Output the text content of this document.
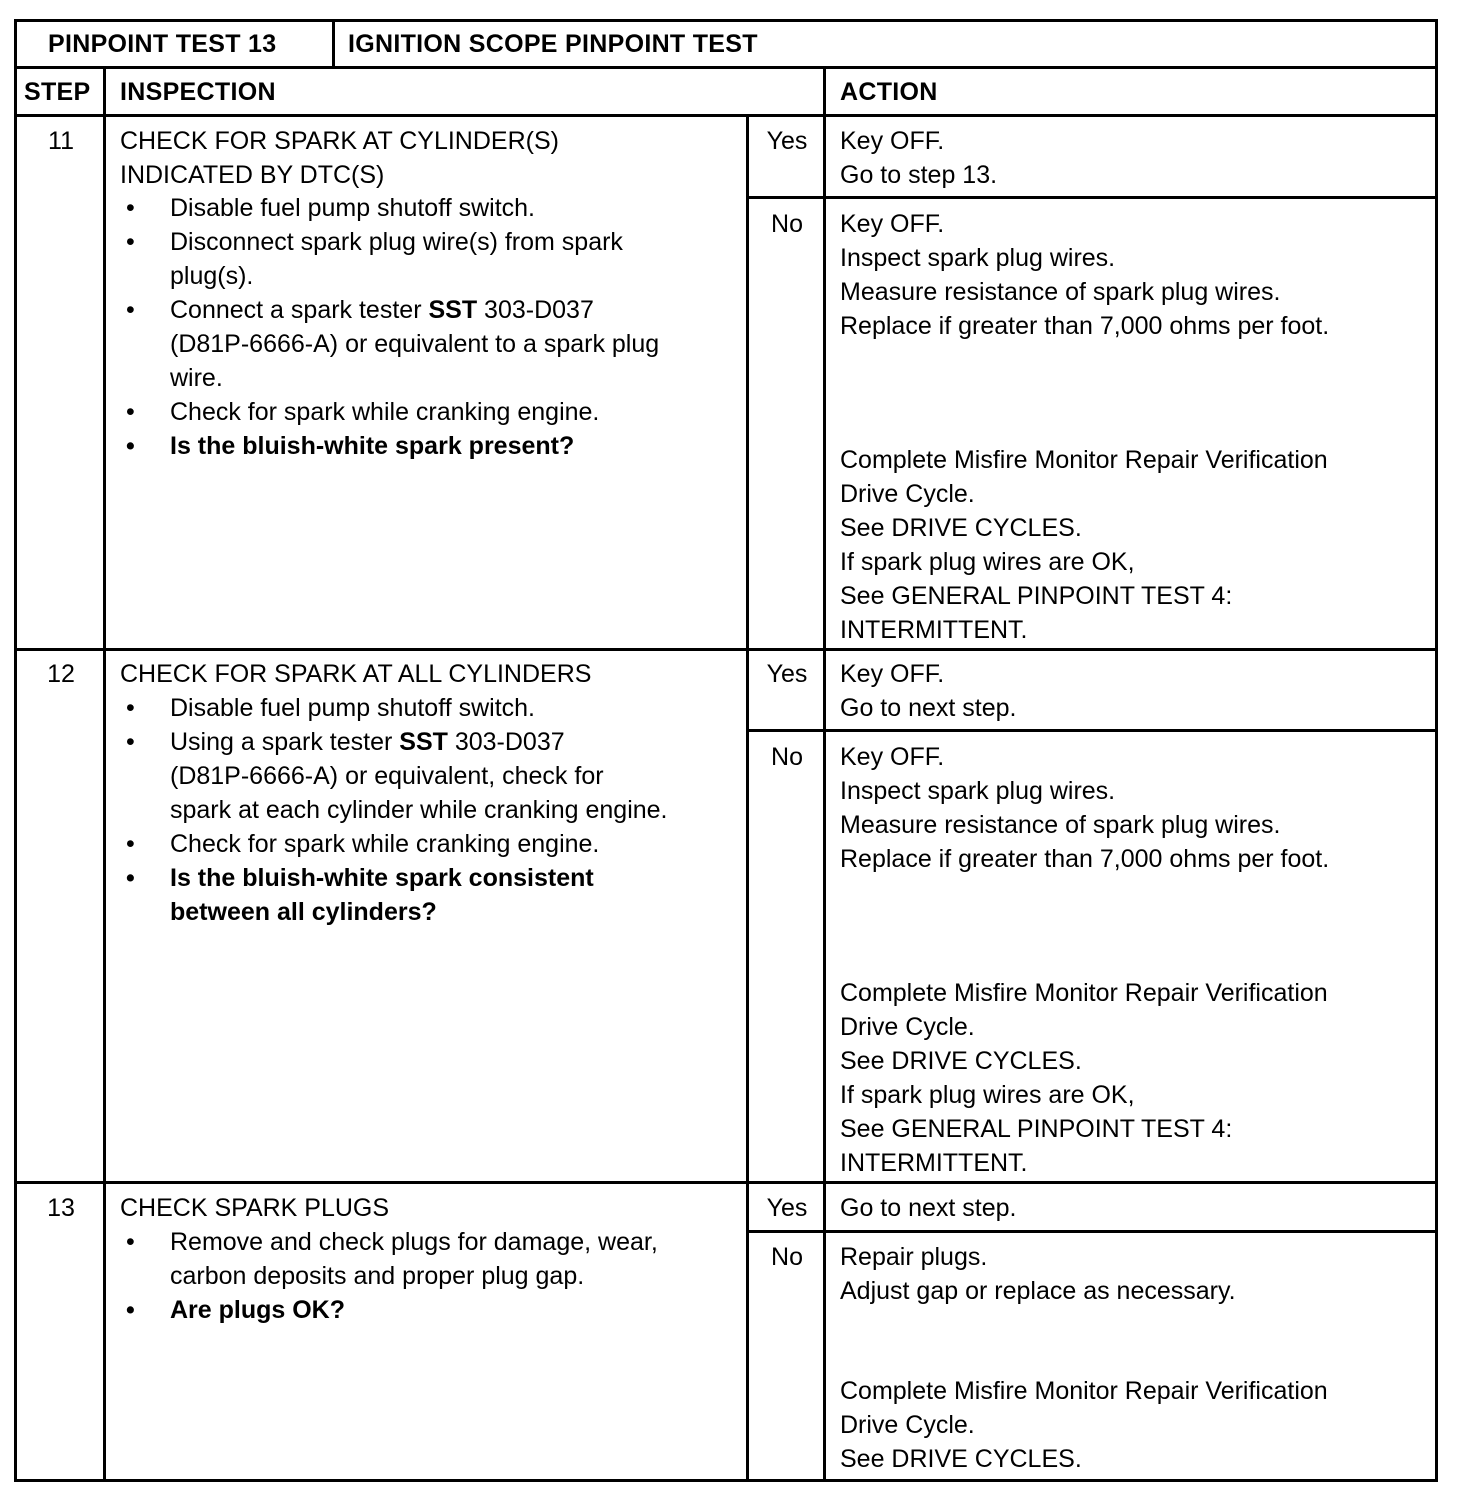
PINPOINT TEST 13	IGNITION SCOPE PINPOINT TEST
STEP INSPECTION	ACTION
11	CHECK FOR SPARK AT CYLINDER(S)
INDICATED BY DTC(S)
• Disable fuel pump shutoff switch.
• Disconnect spark plug wire(s) from spark
plug(s).
• Connect a spark tester SST 303-D037
(D81P-6666-A) or equivalent to a spark plug
wire.
• Check for spark while cranking engine.
• Is the bluish-white spark present?
Yes	Key OFF.
Go to step 13.
No	Key OFF.
Inspect spark plug wires.
Measure resistance of spark plug wires.
Replace if greater than 7,000 ohms per foot.
Complete Misfire Monitor Repair Verification
Drive Cycle.
See DRIVE CYCLES.
If spark plug wires are OK,
See GENERAL PINPOINT TEST 4:
INTERMITTENT.
12	CHECK FOR SPARK AT ALL CYLINDERS
• Disable fuel pump shutoff switch.
• Using a spark tester SST 303-D037
(D81P-6666-A) or equivalent, check for
spark at each cylinder while cranking engine.
• Check for spark while cranking engine.
• Is the bluish-white spark consistent
between all cylinders?
Yes	Key OFF.
Go to next step.
No	Key OFF.
Inspect spark plug wires.
Measure resistance of spark plug wires.
Replace if greater than 7,000 ohms per foot.
Complete Misfire Monitor Repair Verification
Drive Cycle.
See DRIVE CYCLES.
If spark plug wires are OK,
See GENERAL PINPOINT TEST 4:
INTERMITTENT.
13	CHECK SPARK PLUGS
• Remove and check plugs for damage, wear,
carbon deposits and proper plug gap.
• Are plugs OK?
Yes	Go to next step.
No	Repair plugs.
Adjust gap or replace as necessary.
Complete Misfire Monitor Repair Verification
Drive Cycle.
See DRIVE CYCLES.
